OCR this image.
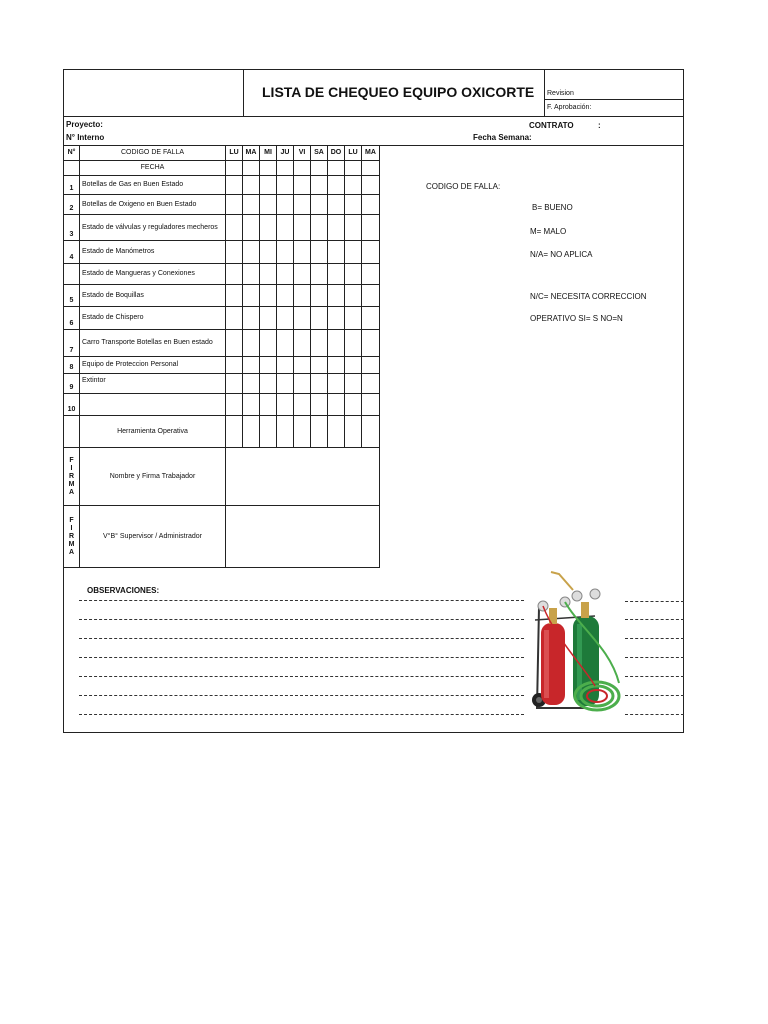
LISTA DE CHEQUEO EQUIPO OXICORTE Revision
F. Aprobación:
Proyecto:
N° Interno
CONTRATO	:
Fecha Semana:
N°	CODIGO DE FALLA	LU	MA	MI	JU	VI	SA	DO	LU	MA
	FECHA									
1	Botellas de Gas en Buen Estado									
2	Botellas de Oxigeno en Buen Estado									
3	Estado de válvulas y reguladores mecheros									
4	Estado de Manómetros									
	Estado de Mangueras y Conexiones									
5	Estado de Boquillas									
6	Estado de Chispero									
7	Carro Transporte Botellas en Buen estado									
8	Equipo de Proteccion Personal									
9	Extintor									
10										
	Herramienta Operativa									
F
I
R
M
A	Nombre y Firma Trabajador									
F
I
R
M
A	V°B° Supervisor / Administrador									
CODIGO DE FALLA:
B= BUENO
M= MALO
N/A= NO APLICA
N/C= NECESITA CORRECCION
OPERATIVO SI= S NO=N
OBSERVACIONES:
